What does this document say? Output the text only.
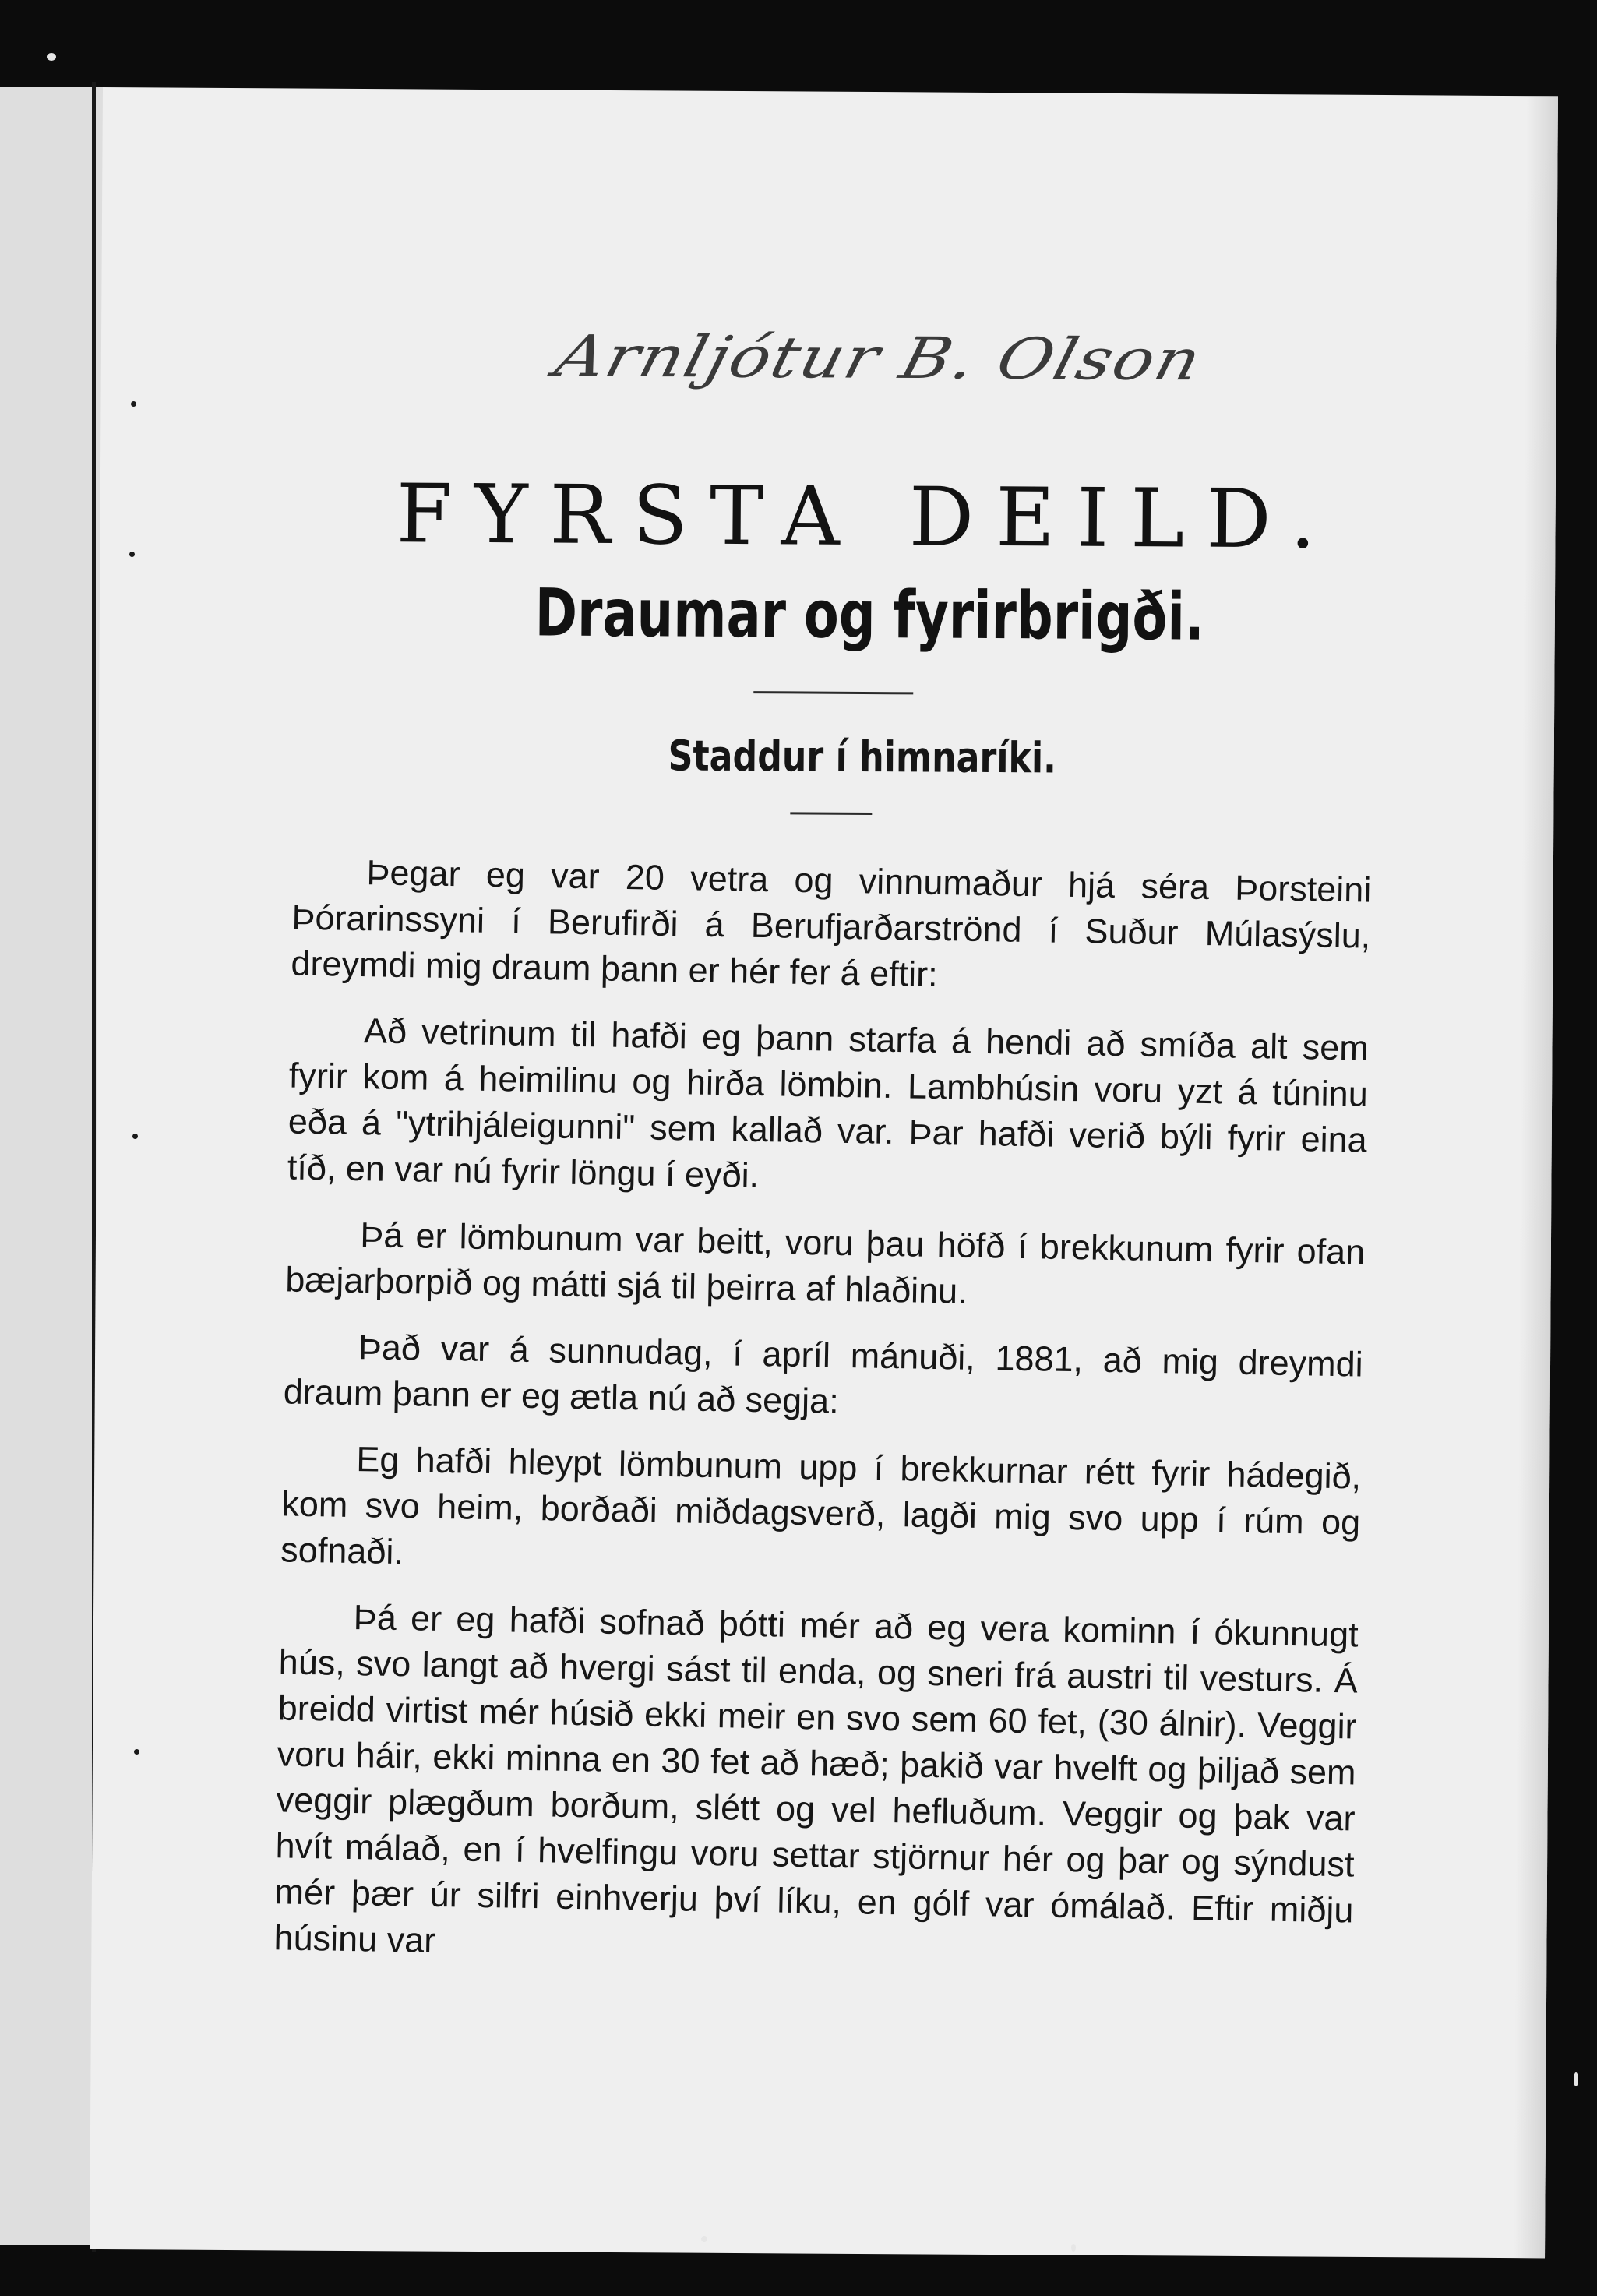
Arnljótur B. Olson
FYRSTA DEILD.
Draumar og fyrirbrigði.
Staddur í himnaríki.

Þegar eg var 20 vetra og vinnumaður hjá séra Þorsteini Þórarinssyni í Berufirði á Berufjarðarströnd í Suður Múlasýslu, dreymdi mig draum þann er hér fer á eftir:

Að vetrinum til hafði eg þann starfa á hendi að smíða alt sem fyrir kom á heimilinu og hirða lömbin. Lambhúsin voru yzt á túninu eða á "ytrihjáleigunni" sem kallað var. Þar hafði verið býli fyrir eina tíð, en var nú fyrir löngu í eyði.

Þá er lömbunum var beitt, voru þau höfð í brekkunum fyrir ofan bæjarþorpið og mátti sjá til þeirra af hlaðinu.

Það var á sunnudag, í apríl mánuði, 1881, að mig dreymdi draum þann er eg ætla nú að segja:

Eg hafði hleypt lömbunum upp í brekkurnar rétt fyrir hádegið, kom svo heim, borðaði miðdagsverð, lagði mig svo upp í rúm og sofnaði.

Þá er eg hafði sofnað þótti mér að eg vera kominn í ókunnugt hús, svo langt að hvergi sást til enda, og sneri frá austri til vesturs. Á breidd virtist mér húsið ekki meir en svo sem 60 fet, (30 álnir). Veggir voru háir, ekki minna en 30 fet að hæð; þakið var hvelft og þiljað sem veggir plægðum borðum, slétt og vel hefluðum. Veggir og þak var hvít málað, en í hvelfingu voru settar stjörnur hér og þar og sýndust mér þær úr silfri einhverju því líku, en gólf var ómálað. Eftir miðju húsinu var
